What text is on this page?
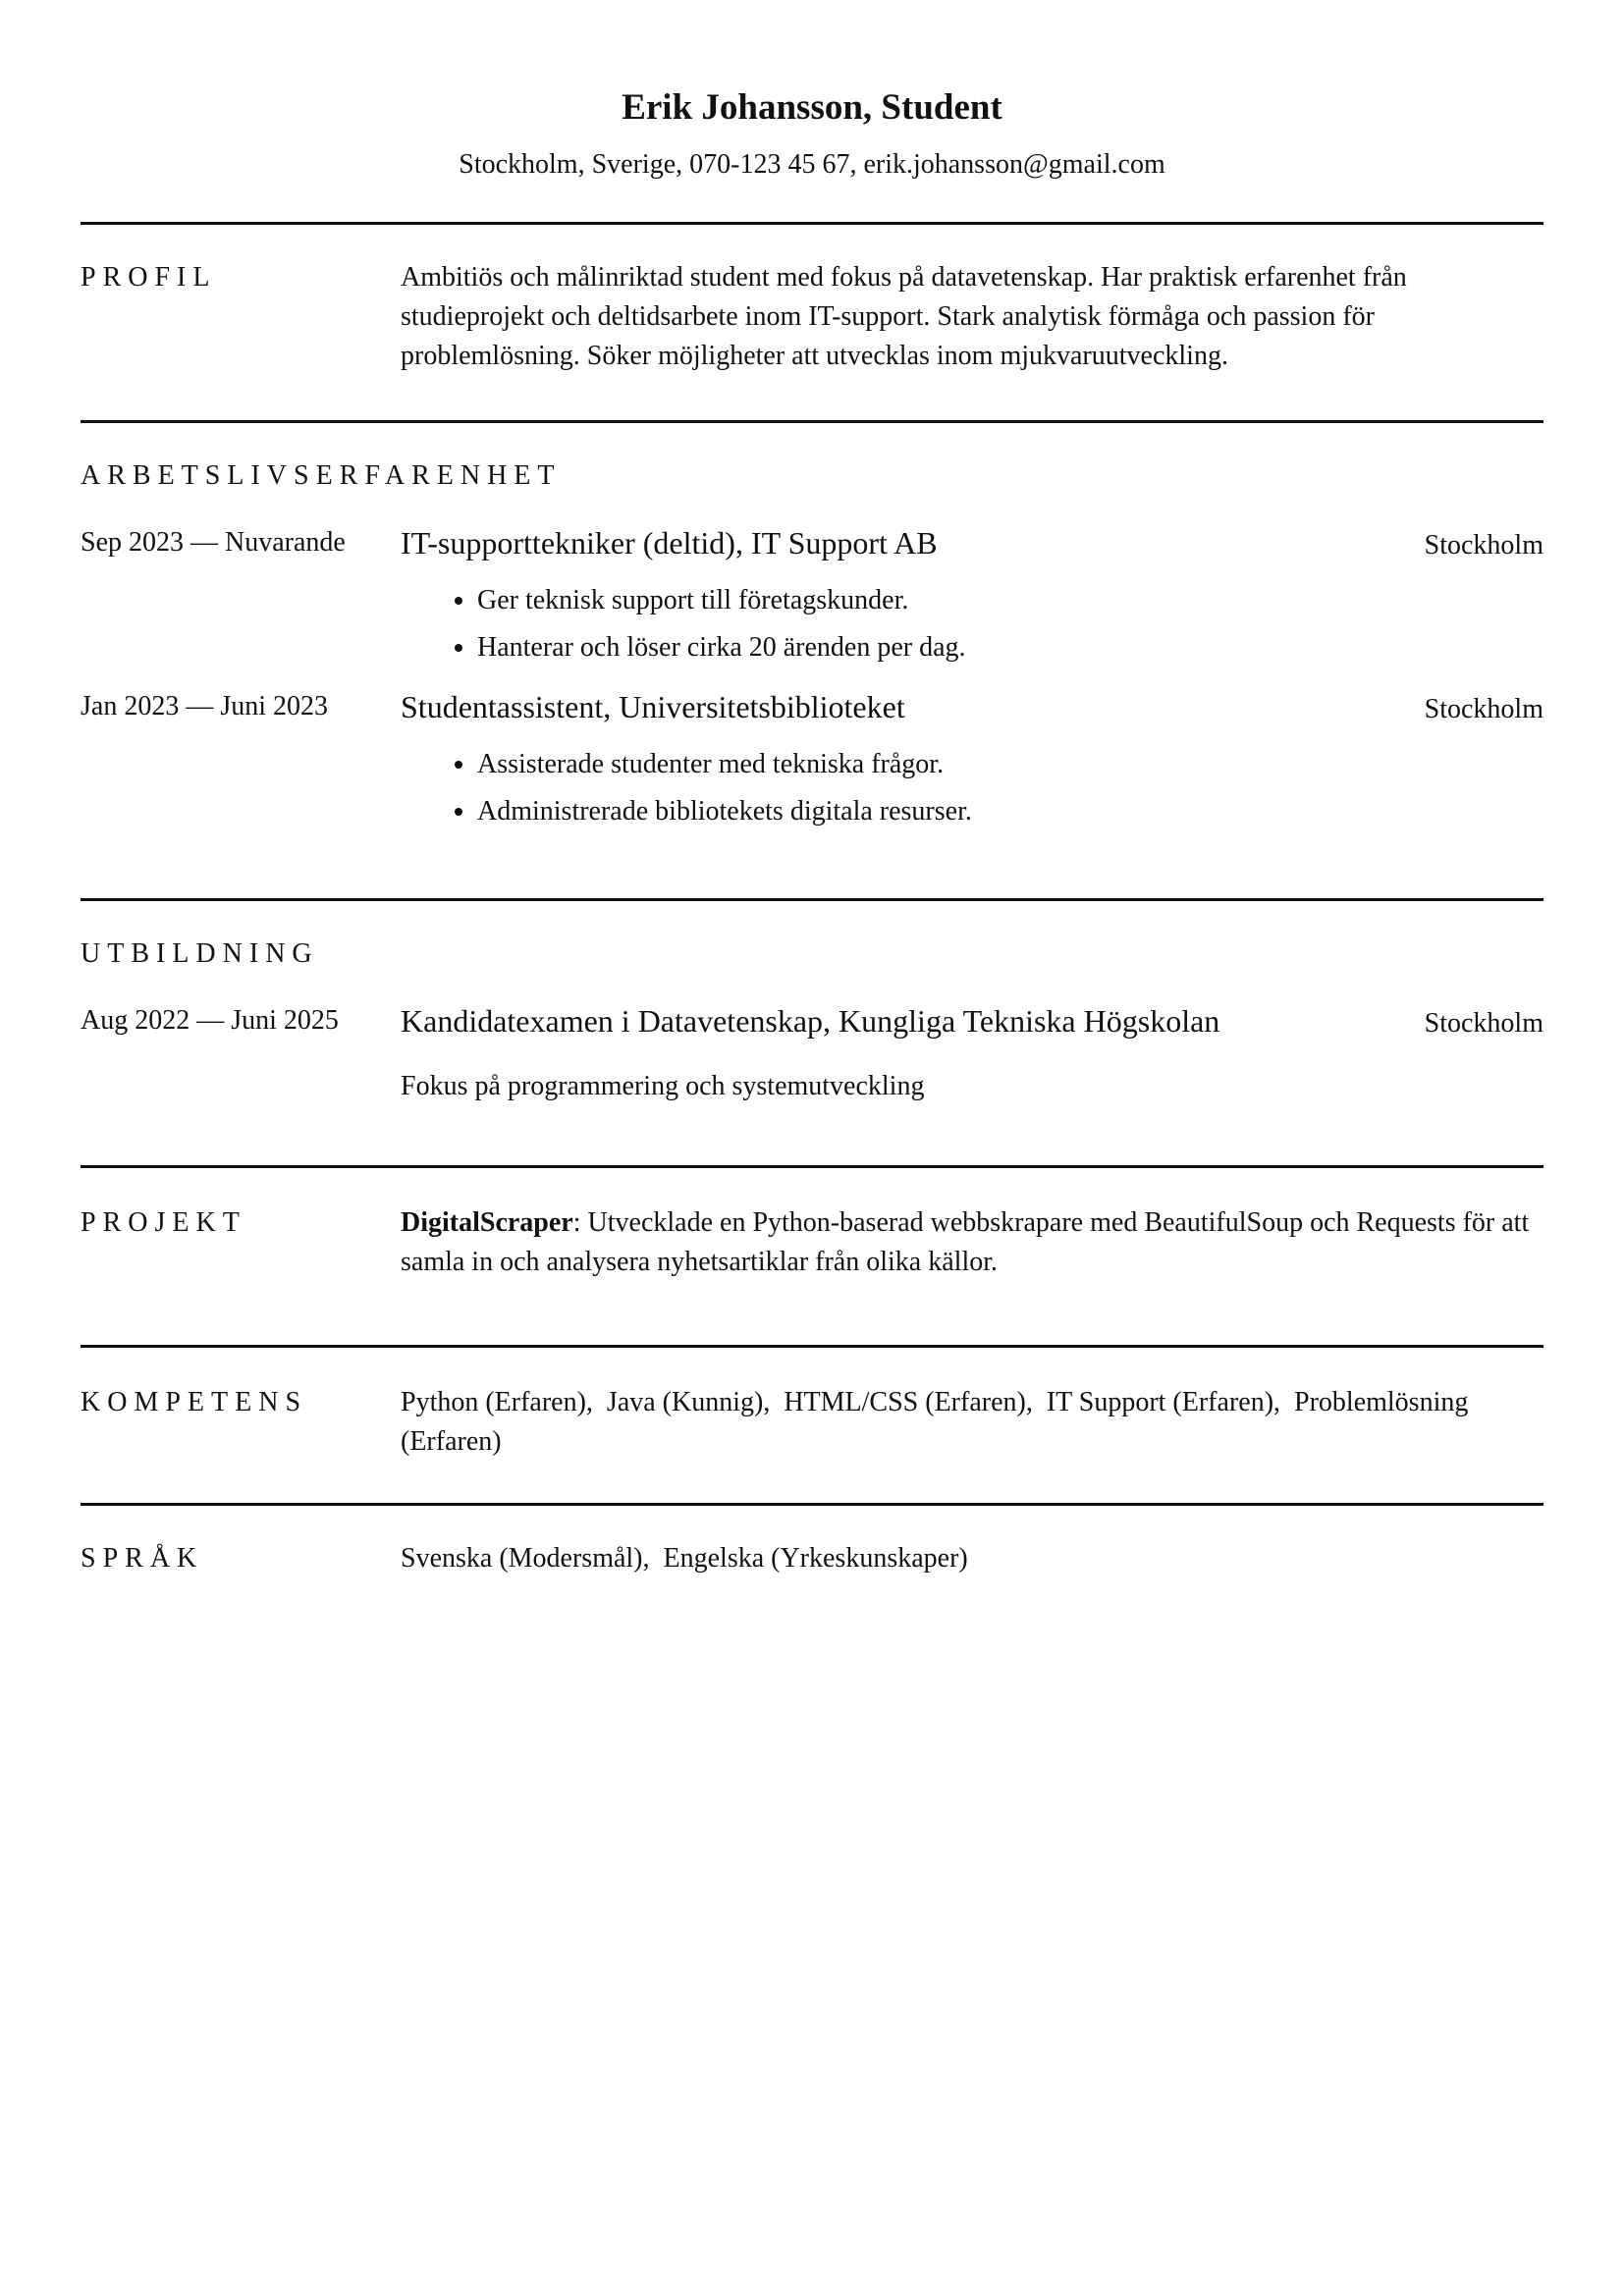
Erik Johansson, Student
Stockholm, Sverige, 070-123 45 67, erik.johansson@gmail.com
PROFIL	Ambitiös och målinriktad student med fokus på datavetenskap. Har praktisk erfarenhet från studieprojekt och deltidsarbete inom IT-support. Stark analytisk förmåga och passion för problemlösning. Söker möjligheter att utvecklas inom mjukvaruutveckling.
ARBETSLIVSERFARENHET
Sep 2023 — Nuvarande	IT-supporttekniker (deltid), IT Support AB	Stockholm
• Ger teknisk support till företagskunder.
• Hanterar och löser cirka 20 ärenden per dag.
Jan 2023 — Juni 2023	Studentassistent, Universitetsbiblioteket	Stockholm
• Assisterade studenter med tekniska frågor.
• Administrerade bibliotekets digitala resurser.
UTBILDNING
Aug 2022 — Juni 2025	Kandidatexamen i Datavetenskap, Kungliga Tekniska Högskolan	Stockholm
Fokus på programmering och systemutveckling
PROJEKT	DigitalScraper: Utvecklade en Python-baserad webbskrapare med BeautifulSoup och Requests för att samla in och analysera nyhetsartiklar från olika källor.
KOMPETENS	Python (Erfaren),  Java (Kunnig),  HTML/CSS (Erfaren),  IT Support (Erfaren),  Problemlösning (Erfaren)
SPRÅK	Svenska (Modersmål),  Engelska (Yrkeskunskaper)
